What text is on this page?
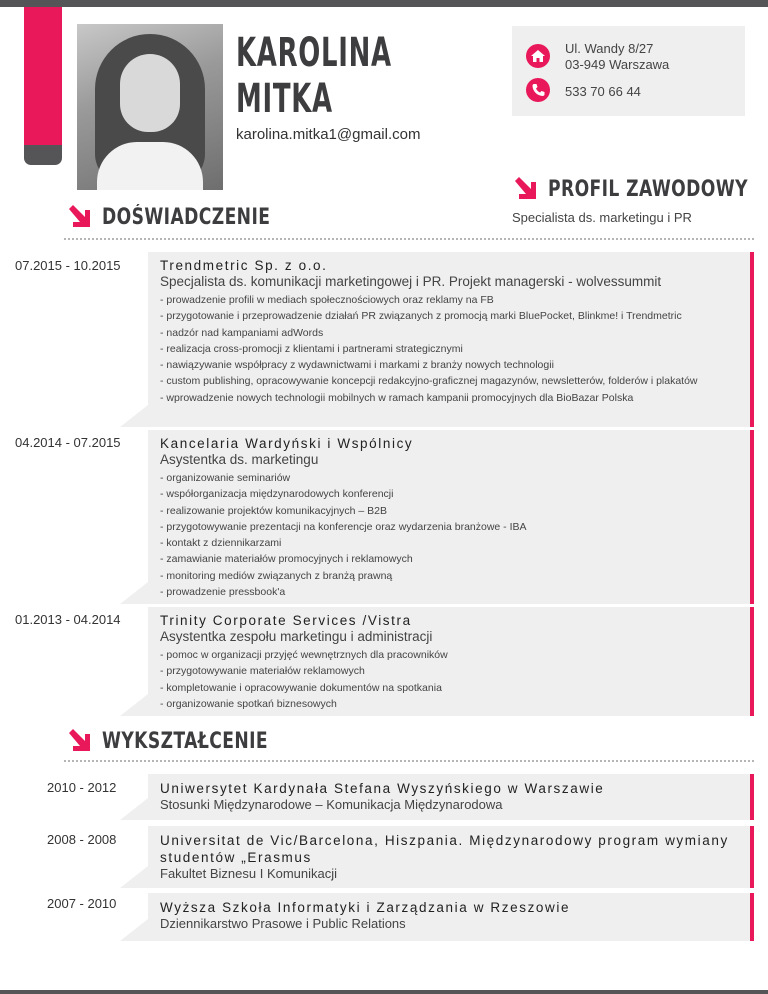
KAROLINA
MITKA
karolina.mitka1@gmail.com
Ul. Wandy 8/27
03-949 Warszawa
533 70 66 44
PROFIL ZAWODOWY
Specialista ds. marketingu i PR
DOŚWIADCZENIE
07.2015 - 10.2015	Trendmetric Sp. z o.o.
Specjalista ds. komunikacji marketingowej i PR. Projekt managerski - wolvessummit
- prowadzenie profili w mediach społecznościowych oraz reklamy na FB
- przygotowanie i przeprowadzenie działań PR związanych z promocją marki BluePocket, Blinkme! i Trendmetric
- nadzór nad kampaniami adWords
- realizacja cross-promocji z klientami i partnerami strategicznymi
- nawiązywanie współpracy z wydawnictwami i markami z branży nowych technologii
- custom publishing, opracowywanie koncepcji redakcyjno-graficznej magazynów, newsletterów, folderów i plakatów
- wprowadzenie nowych technologii mobilnych w ramach kampanii promocyjnych dla BioBazar Polska
04.2014 - 07.2015	Kancelaria Wardyński i Wspólnicy
Asystentka ds. marketingu
- organizowanie seminariów
- współorganizacja międzynarodowych konferencji
- realizowanie projektów komunikacyjnych – B2B
- przygotowywanie prezentacji na konferencje oraz wydarzenia branżowe - IBA
- kontakt z dziennikarzami
- zamawianie materiałów promocyjnych i reklamowych
- monitoring mediów związanych z branżą prawną
- prowadzenie pressbook'a
01.2013 - 04.2014	Trinity Corporate Services /Vistra
Asystentka zespołu marketingu i administracji
- pomoc w organizacji przyjęć wewnętrznych dla pracowników
- przygotowywanie materiałów reklamowych
- kompletowanie i opracowywanie dokumentów na spotkania
- organizowanie spotkań biznesowych
WYKSZTAŁCENIE
2010 - 2012	Uniwersytet Kardynała Stefana Wyszyńskiego w Warszawie
Stosunki Międzynarodowe – Komunikacja Międzynarodowa
2008 - 2008	Universitat de Vic/Barcelona, Hiszpania. Międzynarodowy program wymiany studentów „Erasmus
Fakultet Biznesu I Komunikacji
2007 - 2010	Wyższa Szkoła Informatyki i Zarządzania w Rzeszowie
Dziennikarstwo Prasowe i Public Relations
